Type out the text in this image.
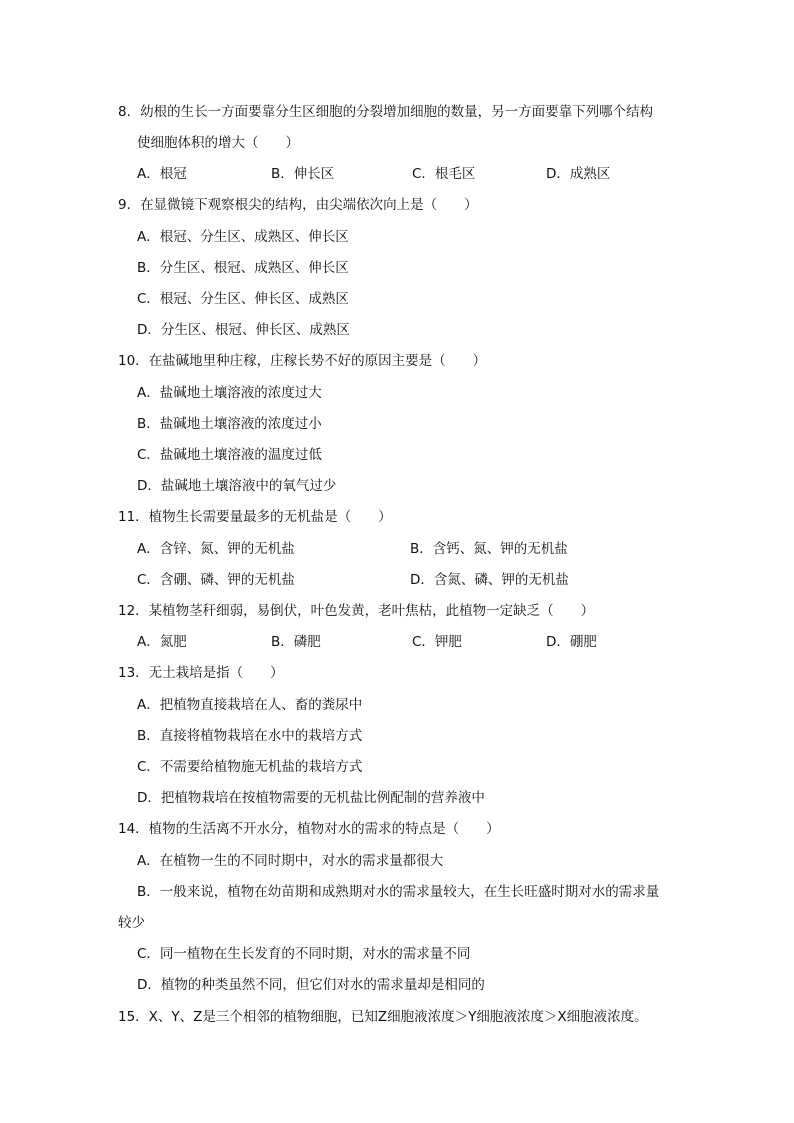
8．幼根的生长一方面要靠分生区细胞的分裂增加细胞的数量，另一方面要靠下列哪个结构
使细胞体积的增大（　　）
A．根冠	B．伸长区	C．根毛区	D．成熟区
9．在显微镜下观察根尖的结构，由尖端依次向上是（　　）
A．根冠、分生区、成熟区、伸长区
B．分生区、根冠、成熟区、伸长区
C．根冠、分生区、伸长区、成熟区
D．分生区、根冠、伸长区、成熟区
10．在盐碱地里种庄稼，庄稼长势不好的原因主要是（　　）
A．盐碱地土壤溶液的浓度过大
B．盐碱地土壤溶液的浓度过小
C．盐碱地土壤溶液的温度过低
D．盐碱地土壤溶液中的氧气过少
11．植物生长需要量最多的无机盐是（　　）
A．含锌、氮、钾的无机盐	B．含钙、氮、钾的无机盐
C．含硼、磷、钾的无机盐	D．含氮、磷、钾的无机盐
12．某植物茎秆细弱，易倒伏，叶色发黄，老叶焦枯，此植物一定缺乏（　　）
A．氮肥	B．磷肥	C．钾肥	D．硼肥
13．无土栽培是指（　　）
A．把植物直接栽培在人、畜的粪尿中
B．直接将植物栽培在水中的栽培方式
C．不需要给植物施无机盐的栽培方式
D．把植物栽培在按植物需要的无机盐比例配制的营养液中
14．植物的生活离不开水分，植物对水的需求的特点是（　　）
A．在植物一生的不同时期中，对水的需求量都很大
B．一般来说，植物在幼苗期和成熟期对水的需求量较大，在生长旺盛时期对水的需求量
较少
C．同一植物在生长发育的不同时期，对水的需求量不同
D．植物的种类虽然不同，但它们对水的需求量却是相同的
15．X、Y、Z是三个相邻的植物细胞，已知Z细胞液浓度＞Y细胞液浓度＞X细胞液浓度。
